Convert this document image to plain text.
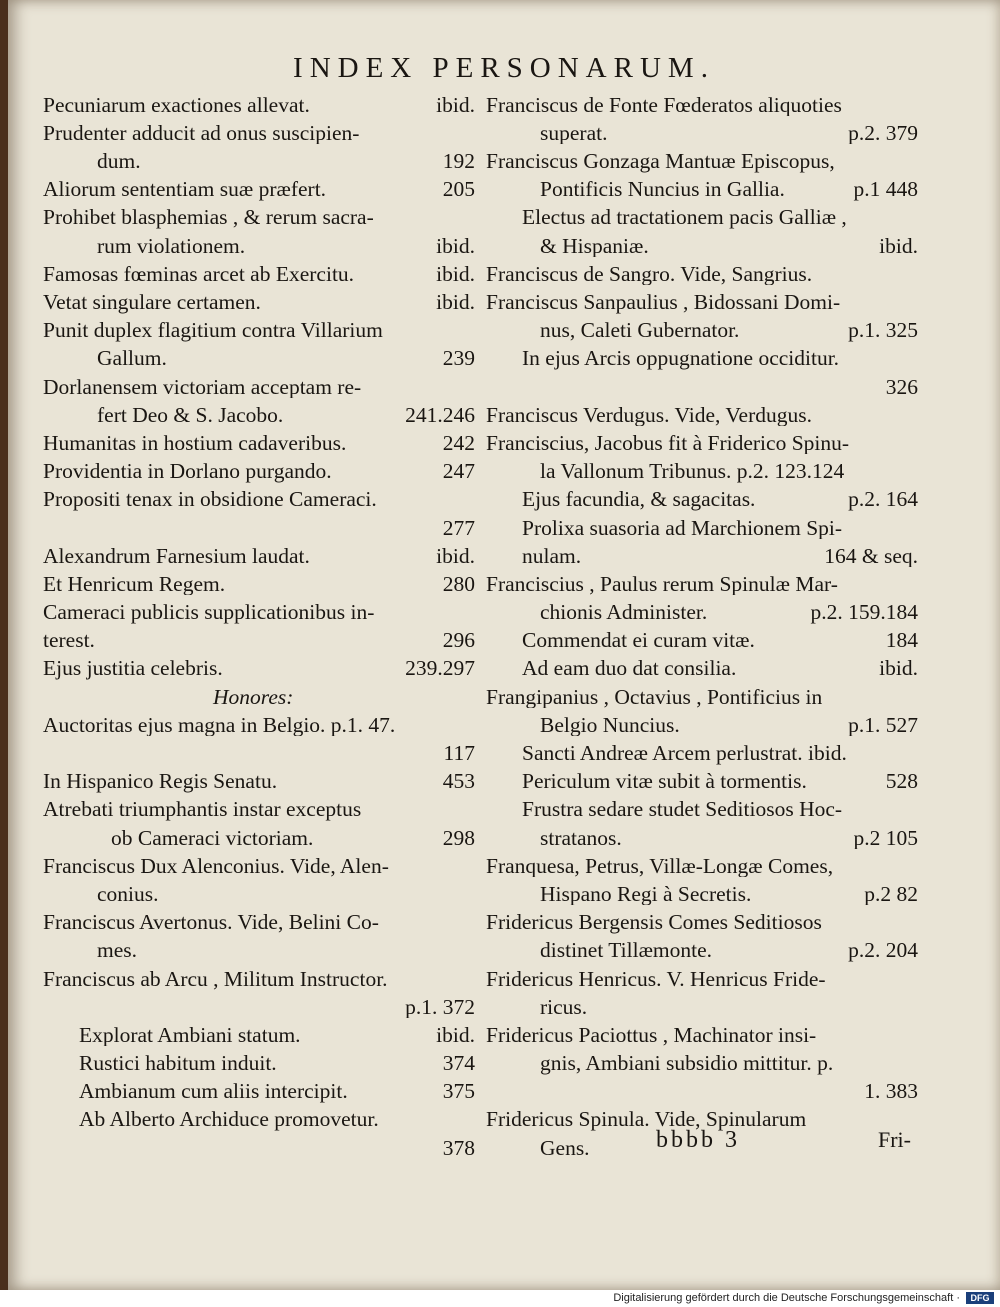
INDEX PERSONARUM.
Pecuniarum exactiones allevat.	ibid.
Prudenter adducit ad onus suscipien-
dum.	192
Aliorum sententiam suæ præfert.	205
Prohibet blasphemias , & rerum sacra-
rum violationem.	ibid.
Famosas fœminas arcet ab Exercitu.	ibid.
Vetat singulare certamen.	ibid.
Punit duplex flagitium contra Villarium
Gallum.	239
Dorlanensem victoriam acceptam re-
fert Deo & S. Jacobo.	241.246
Humanitas in hostium cadaveribus.	242
Providentia in Dorlano purgando.	247
Propositi tenax in obsidione Cameraci.
277
Alexandrum Farnesium laudat.	ibid.
Et Henricum Regem.	280
Cameraci publicis supplicationibus in-
terest.	296
Ejus justitia celebris.	239.297
Honores:
Auctoritas ejus magna in Belgio. p.1. 47.
117
In Hispanico Regis Senatu.	453
Atrebati triumphantis instar exceptus
ob Cameraci victoriam.	298
Franciscus Dux Alenconius. Vide, Alen-
conius.
Franciscus Avertonus. Vide, Belini Co-
mes.
Franciscus ab Arcu , Militum Instructor.
p.1. 372
Explorat Ambiani statum.	ibid.
Rustici habitum induit.	374
Ambianum cum aliis intercipit.	375
Ab Alberto Archiduce promovetur.
378
Franciscus de Fonte Fœderatos aliquoties
superat.	p.2. 379
Franciscus Gonzaga Mantuæ Episcopus,
Pontificis Nuncius in Gallia.	p.1 448
Electus ad tractationem pacis Galliæ ,
& Hispaniæ.	ibid.
Franciscus de Sangro. Vide, Sangrius.
Franciscus Sanpaulius , Bidossani Domi-
nus, Caleti Gubernator.	p.1. 325
In ejus Arcis oppugnatione occiditur.
326
Franciscus Verdugus. Vide, Verdugus.
Franciscius, Jacobus fit à Friderico Spinu-
la Vallonum Tribunus. p.2. 123.124
Ejus facundia, & sagacitas.	p.2. 164
Prolixa suasoria ad Marchionem Spi-
nulam.	164 & seq.
Franciscius , Paulus rerum Spinulæ Mar-
chionis Administer.	p.2. 159.184
Commendat ei curam vitæ.	184
Ad eam duo dat consilia.	ibid.
Frangipanius , Octavius , Pontificius in
Belgio Nuncius.	p.1. 527
Sancti Andreæ Arcem perlustrat. ibid.
Periculum vitæ subit à tormentis.	528
Frustra sedare studet Seditiosos Hoc-
stratanos.	p.2 105
Franquesa, Petrus, Villæ-Longæ Comes,
Hispano Regi à Secretis.	p.2 82
Fridericus Bergensis Comes Seditiosos
distinet Tillæmonte.	p.2. 204
Fridericus Henricus. V. Henricus Fride-
ricus.
Fridericus Paciottus , Machinator insi-
gnis, Ambiani subsidio mittitur. p.
1. 383
Fridericus Spinula. Vide, Spinularum
Gens.	bbbb 3	Fri-
Digitalisierung gefördert durch die Deutsche Forschungsgemeinschaft ·	DFG
